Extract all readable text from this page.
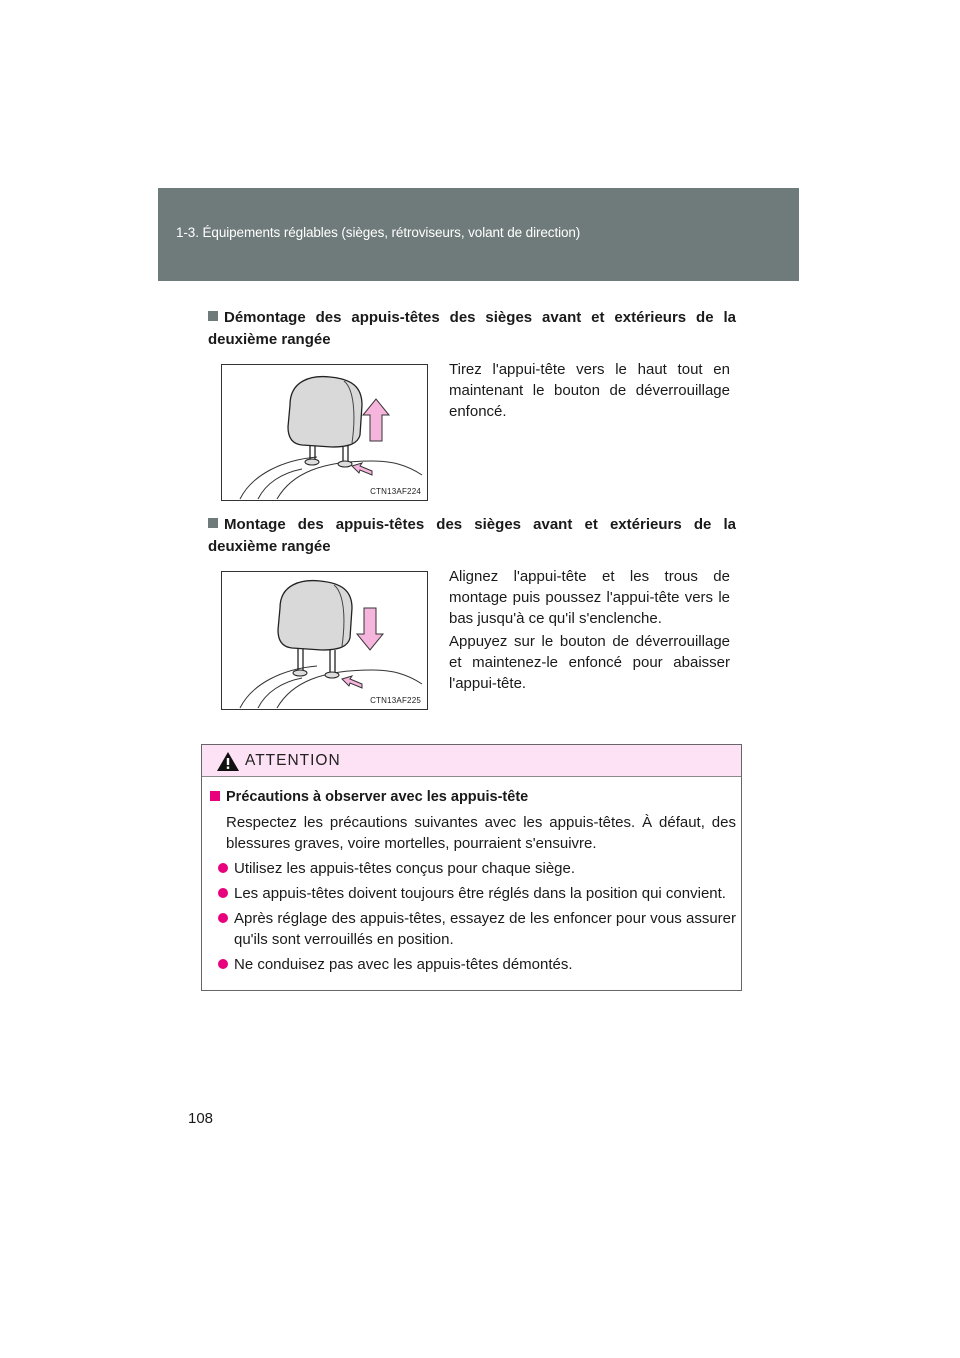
1-3. Équipements réglables (sièges, rétroviseurs, volant de direction)
Démontage des appuis-têtes des sièges avant et extérieurs de la deuxième rangée
CTN13AF224

Tirez l'appui-tête vers le haut tout en maintenant le bouton de déverrouillage enfoncé.

Montage des appuis-têtes des sièges avant et extérieurs de la deuxième rangée
CTN13AF225

Alignez l'appui-tête et les trous de montage puis poussez l'appui-tête vers le bas jusqu'à ce qu'il s'enclenche.

Appuyez sur le bouton de déverrouillage et maintenez-le enfoncé pour abaisser l'appui-tête.

ATTENTION
Précautions à observer avec les appuis-tête

Respectez les précautions suivantes avec les appuis-têtes. À défaut, des blessures graves, voire mortelles, pourraient s'ensuivre.

Utilisez les appuis-têtes conçus pour chaque siège.

Les appuis-têtes doivent toujours être réglés dans la position qui convient.

Après réglage des appuis-têtes, essayez de les enfoncer pour vous assurer qu'ils sont verrouillés en position.

Ne conduisez pas avec les appuis-têtes démontés.

108
